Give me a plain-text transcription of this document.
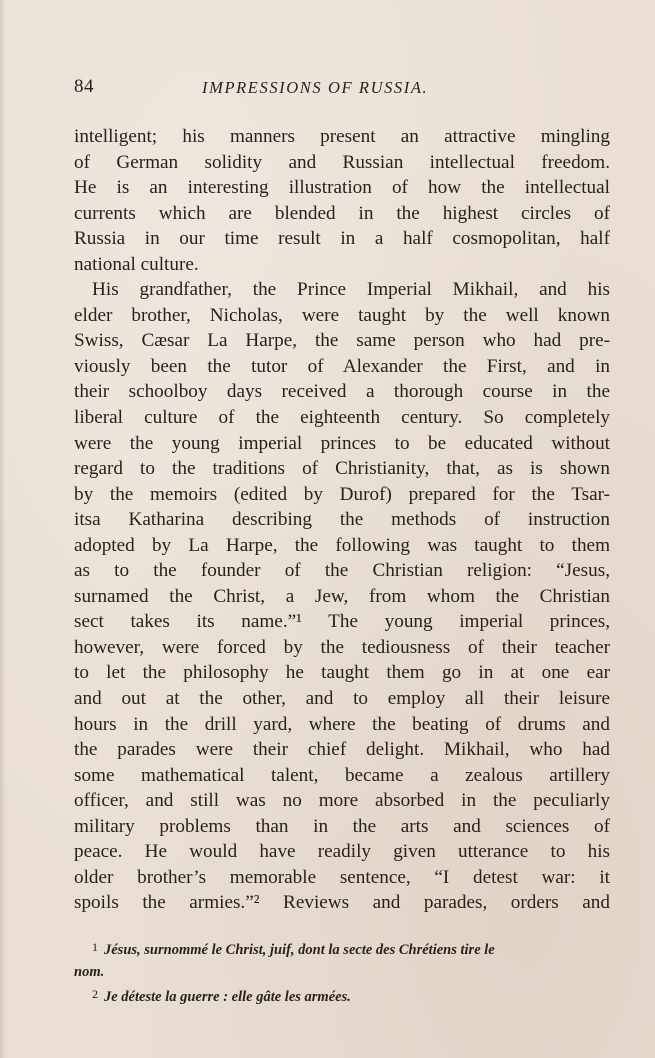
84	IMPRESSIONS OF RUSSIA.
intelligent; his manners present an attractive mingling
of German solidity and Russian intellectual freedom.
He is an interesting illustration of how the intellectual
currents which are blended in the highest circles of
Russia in our time result in a half cosmopolitan, half
national culture.
His grandfather, the Prince Imperial Mikhail, and his
elder brother, Nicholas, were taught by the well known
Swiss, Cæsar La Harpe, the same person who had pre-
viously been the tutor of Alexander the First, and in
their schoolboy days received a thorough course in the
liberal culture of the eighteenth century. So completely
were the young imperial princes to be educated without
regard to the traditions of Christianity, that, as is shown
by the memoirs (edited by Durof) prepared for the Tsar-
itsa Katharina describing the methods of instruction
adopted by La Harpe, the following was taught to them
as to the founder of the Christian religion: “Jesus,
surnamed the Christ, a Jew, from whom the Christian
sect takes its name.”¹ The young imperial princes,
however, were forced by the tediousness of their teacher
to let the philosophy he taught them go in at one ear
and out at the other, and to employ all their leisure
hours in the drill yard, where the beating of drums and
the parades were their chief delight. Mikhail, who had
some mathematical talent, became a zealous artillery
officer, and still was no more absorbed in the peculiarly
military problems than in the arts and sciences of
peace. He would have readily given utterance to his
older brother’s memorable sentence, “I detest war: it
spoils the armies.”² Reviews and parades, orders and
$^1$ Jésus, surnommé le Christ, juif, dont la secte des Chrétiens tire le
nom.
$^2$ Je déteste la guerre : elle gâte les armées.
